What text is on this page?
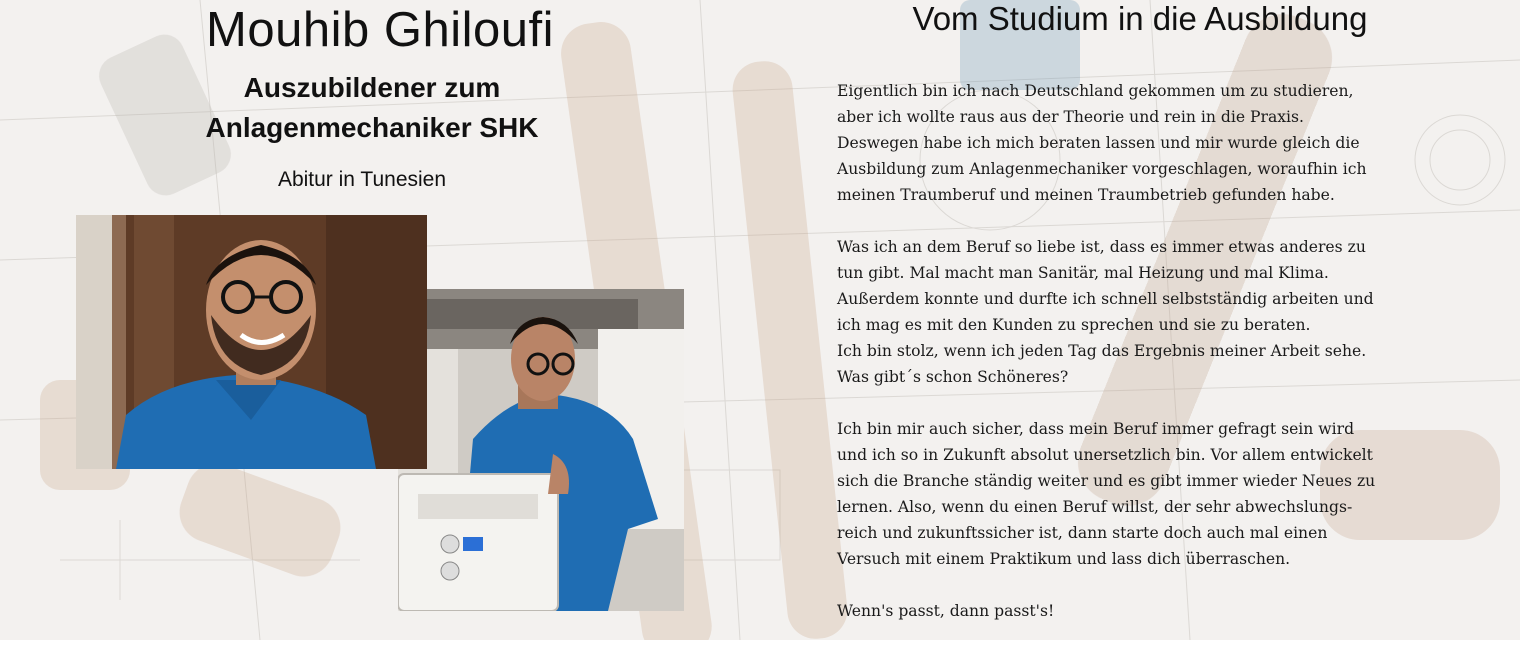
Mouhib Ghiloufi
Auszubildener zum
Anlagenmechaniker SHK

Abitur in Tunesien

Vom Studium in die Ausbildung

Eigentlich bin ich nach Deutschland gekommen um zu studieren,
aber ich wollte raus aus der Theorie und rein in die Praxis.
Deswegen habe ich mich beraten lassen und mir wurde gleich die
Ausbildung zum Anlagenmechaniker vorgeschlagen, woraufhin ich
meinen Traumberuf und meinen Traumbetrieb gefunden habe.

Was ich an dem Beruf so liebe ist, dass es immer etwas anderes zu
tun gibt. Mal macht man Sanitär, mal Heizung und mal Klima.
Außerdem konnte und durfte ich schnell selbstständig arbeiten und
ich mag es mit den Kunden zu sprechen und sie zu beraten.
Ich bin stolz, wenn ich jeden Tag das Ergebnis meiner Arbeit sehe.
Was gibt´s schon Schöneres?

Ich bin mir auch sicher, dass mein Beruf immer gefragt sein wird
und ich so in Zukunft absolut unersetzlich bin. Vor allem entwickelt
sich die Branche ständig weiter und es gibt immer wieder Neues zu
lernen. Also, wenn du einen Beruf willst, der sehr abwechslungs-
reich und zukunftssicher ist, dann starte doch auch mal einen
Versuch mit einem Praktikum und lass dich überraschen.

Wenn's passt, dann passt's!
